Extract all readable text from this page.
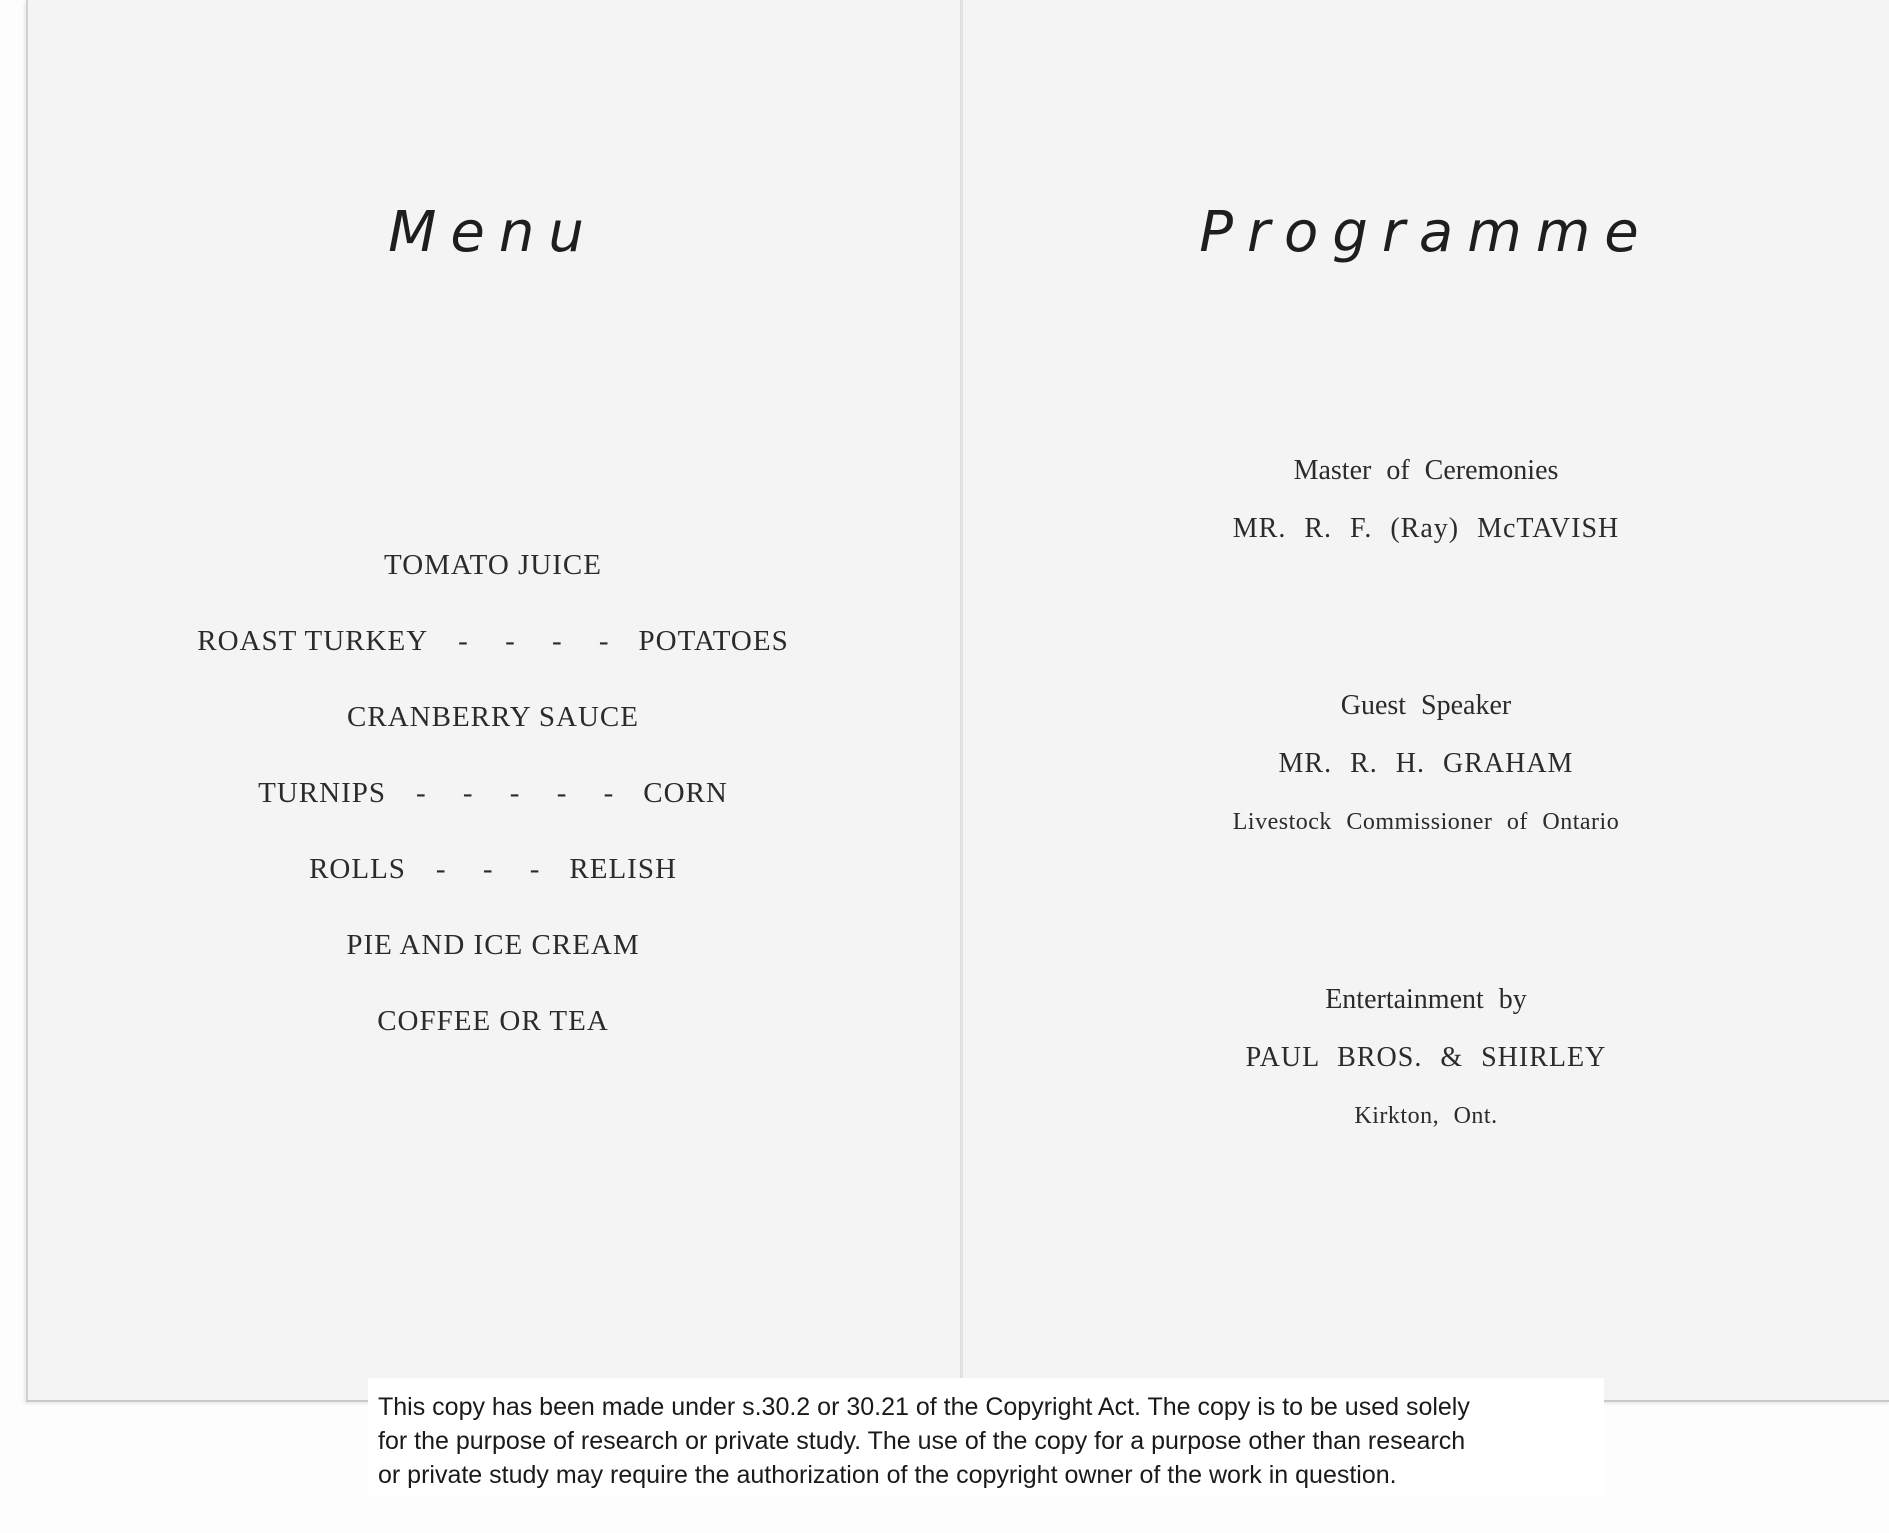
Menu
TOMATO JUICE
ROAST TURKEY - - - - POTATOES
CRANBERRY SAUCE
TURNIPS - - - - - CORN
ROLLS - - - RELISH
PIE AND ICE CREAM
COFFEE OR TEA
Programme
Master of Ceremonies
MR. R. F. (Ray) McTAVISH
Guest Speaker
MR. R. H. GRAHAM
Livestock Commissioner of Ontario
Entertainment by
PAUL BROS. & SHIRLEY
Kirkton, Ont.
This copy has been made under s.30.2 or 30.21 of the Copyright Act. The copy is to be used solely
for the purpose of research or private study. The use of the copy for a purpose other than research
or private study may require the authorization of the copyright owner of the work in question.
